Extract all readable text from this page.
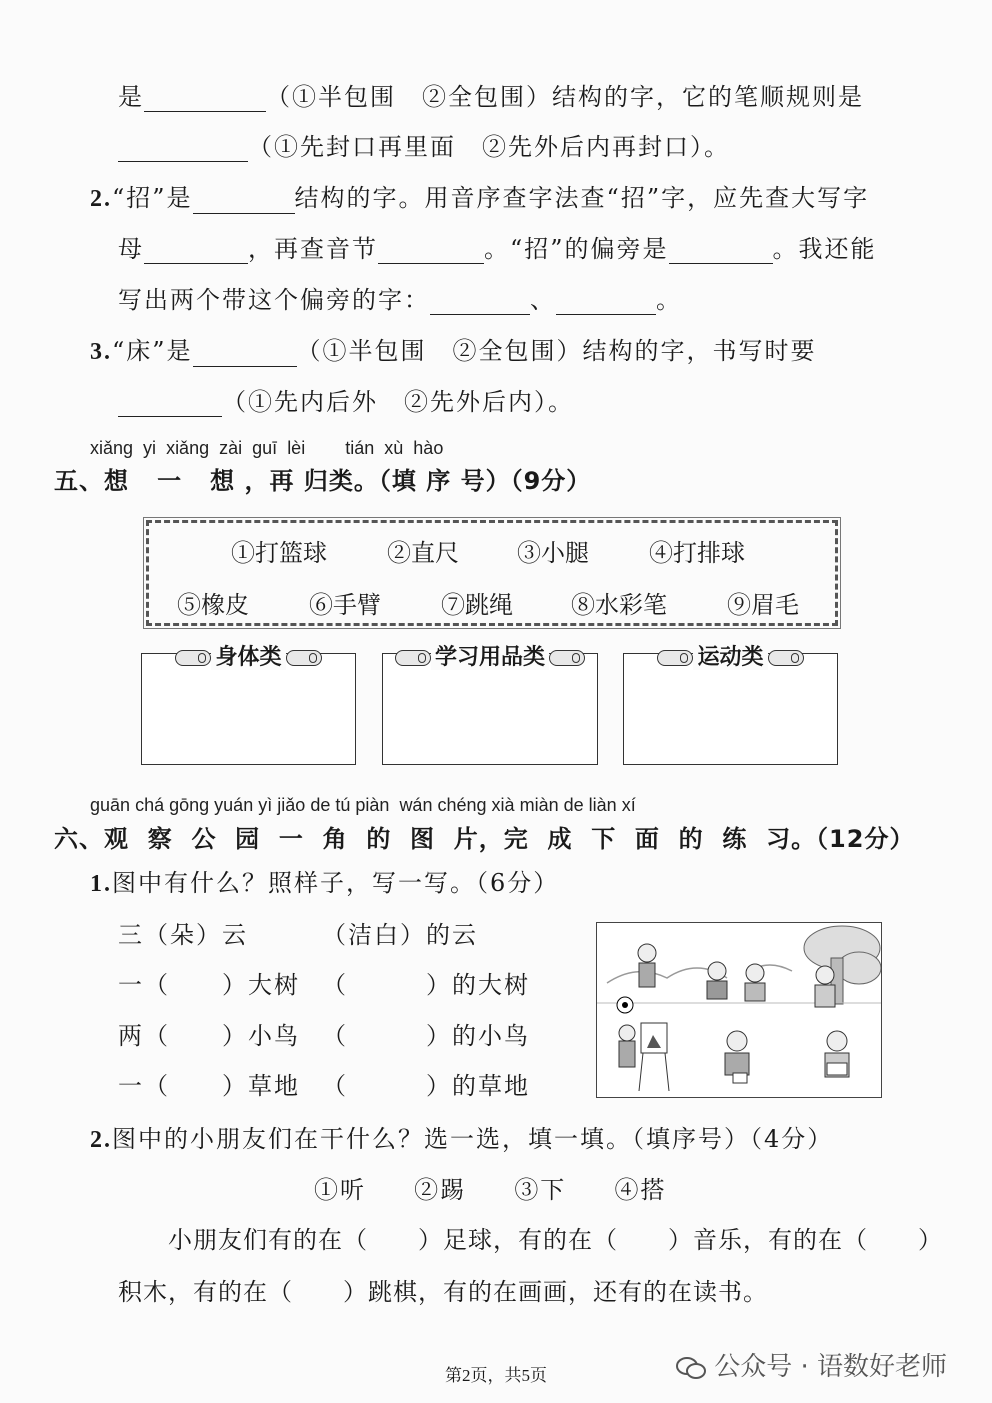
是	（①半包围　②全包围）结构的字，它的笔顺规则是
（①先封口再里面　②先外后内再封口）。
2.“招”是	结构的字。用音序查字法查“招”字，应先查大写字
母	，再查音节	。“招”的偏旁是	。我还能
写出两个带这个偏旁的字：	、	。
3.“床”是	（①半包围　②全包围）结构的字，书写时要
（①先内后外　②先外后内）。
xiǎng yi xiǎng zài guī lèi tián xù hào
五、想 一 想 ，再 归类。（填 序 号）（9分）
①打篮球	②直尺 ③小腿	④打排球
⑤橡皮	⑥手臂	⑦跳绳 ⑧水彩笔	⑨眉毛
身体类	学习用品类	运动类
guān chá gōng yuán yì jiǎo de tú piàn wán chéng xià miàn de liàn xí
六、观 察 公 园 一 角 的 图 片，完 成 下 面 的 练 习。（12分）
1.图中有什么？照样子，写一写。（6分）
三（朵）云	（洁白）的云
一（　　）大树 （　　　）的大树
两（　　）小鸟 （　　　）的小鸟
一（　　）草地 （　　　）的草地
2.图中的小朋友们在干什么？选一选，填一填。（填序号）（4分）
①听 ②踢 ③下 ④搭
小朋友们有的在（　　）足球，有的在（　　）音乐，有的在（　　）
积木，有的在（　　）跳棋，有的在画画，还有的在读书。
第2页，共5页	公众号 · 语数好老师
